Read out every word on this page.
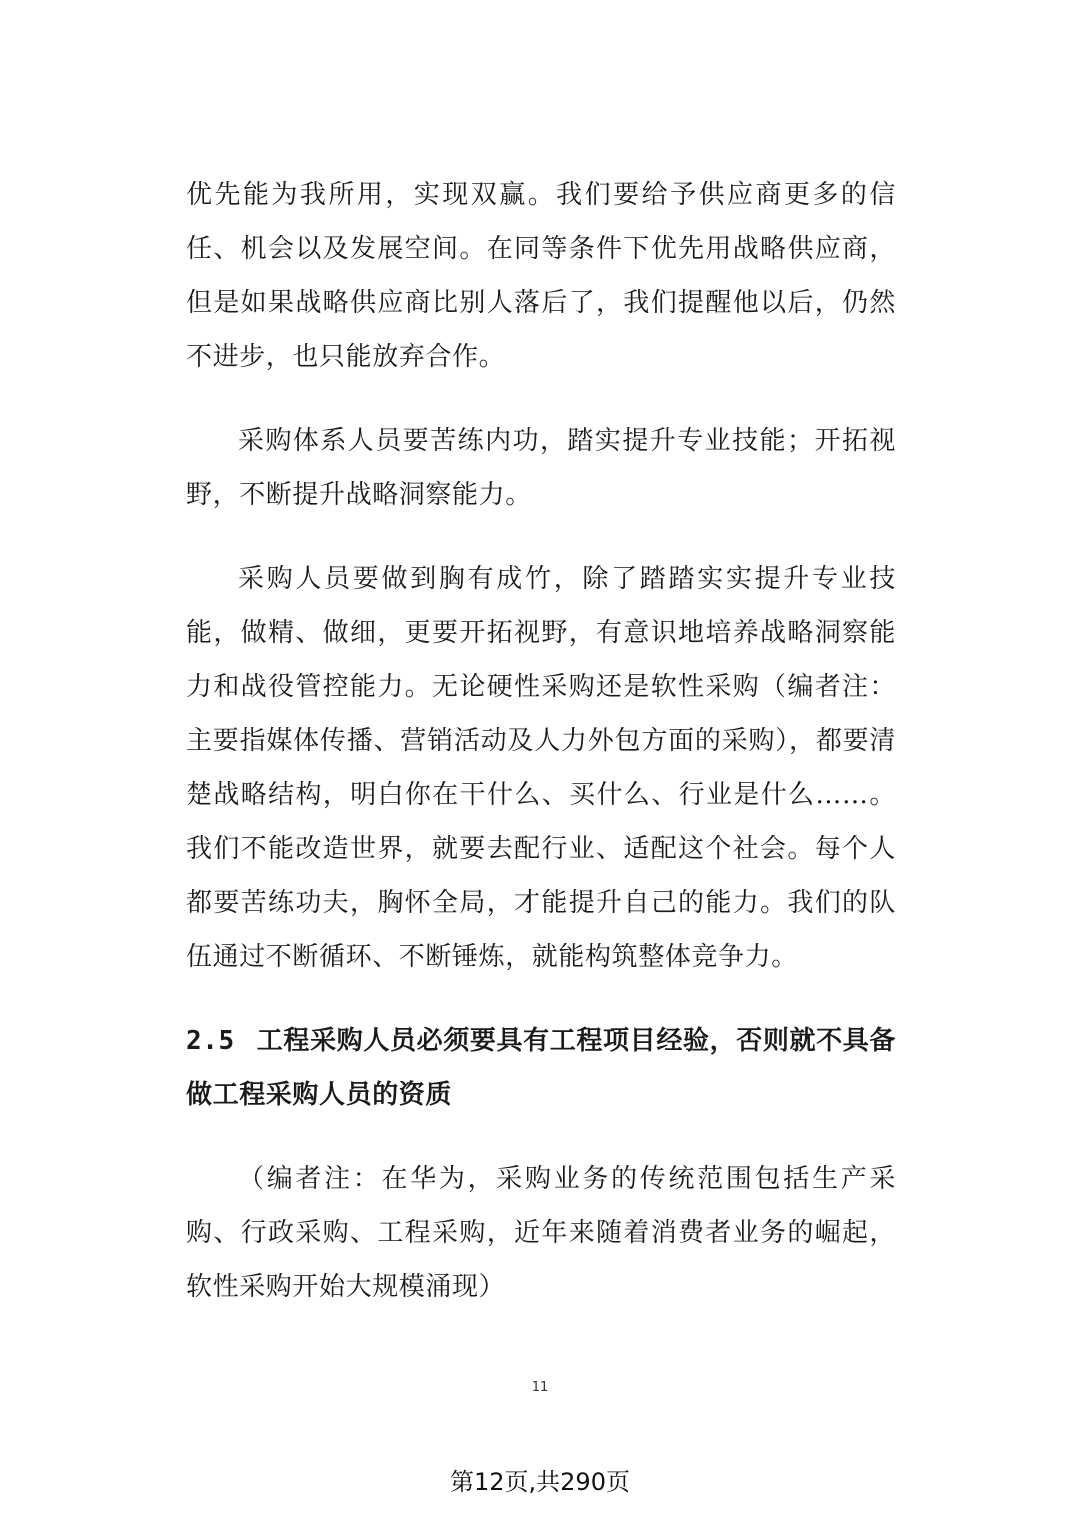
优先能为我所用，实现双赢。我们要给予供应商更多的信任、机会以及发展空间。在同等条件下优先用战略供应商，但是如果战略供应商比别人落后了，我们提醒他以后，仍然不进步，也只能放弃合作。

采购体系人员要苦练内功，踏实提升专业技能；开拓视野，不断提升战略洞察能力。

采购人员要做到胸有成竹，除了踏踏实实提升专业技能，做精、做细，更要开拓视野，有意识地培养战略洞察能力和战役管控能力。无论硬性采购还是软性采购（编者注：主要指媒体传播、营销活动及人力外包方面的采购），都要清楚战略结构，明白你在干什么、买什么、行业是什么……。我们不能改造世界，就要去配行业、适配这个社会。每个人都要苦练功夫，胸怀全局，才能提升自己的能力。我们的队伍通过不断循环、不断锤炼，就能构筑整体竞争力。

2.5 工程采购人员必须要具有工程项目经验，否则就不具备做工程采购人员的资质

（编者注：在华为，采购业务的传统范围包括生产采购、行政采购、工程采购，近年来随着消费者业务的崛起，软性采购开始大规模涌现）

11
第12页,共290页
